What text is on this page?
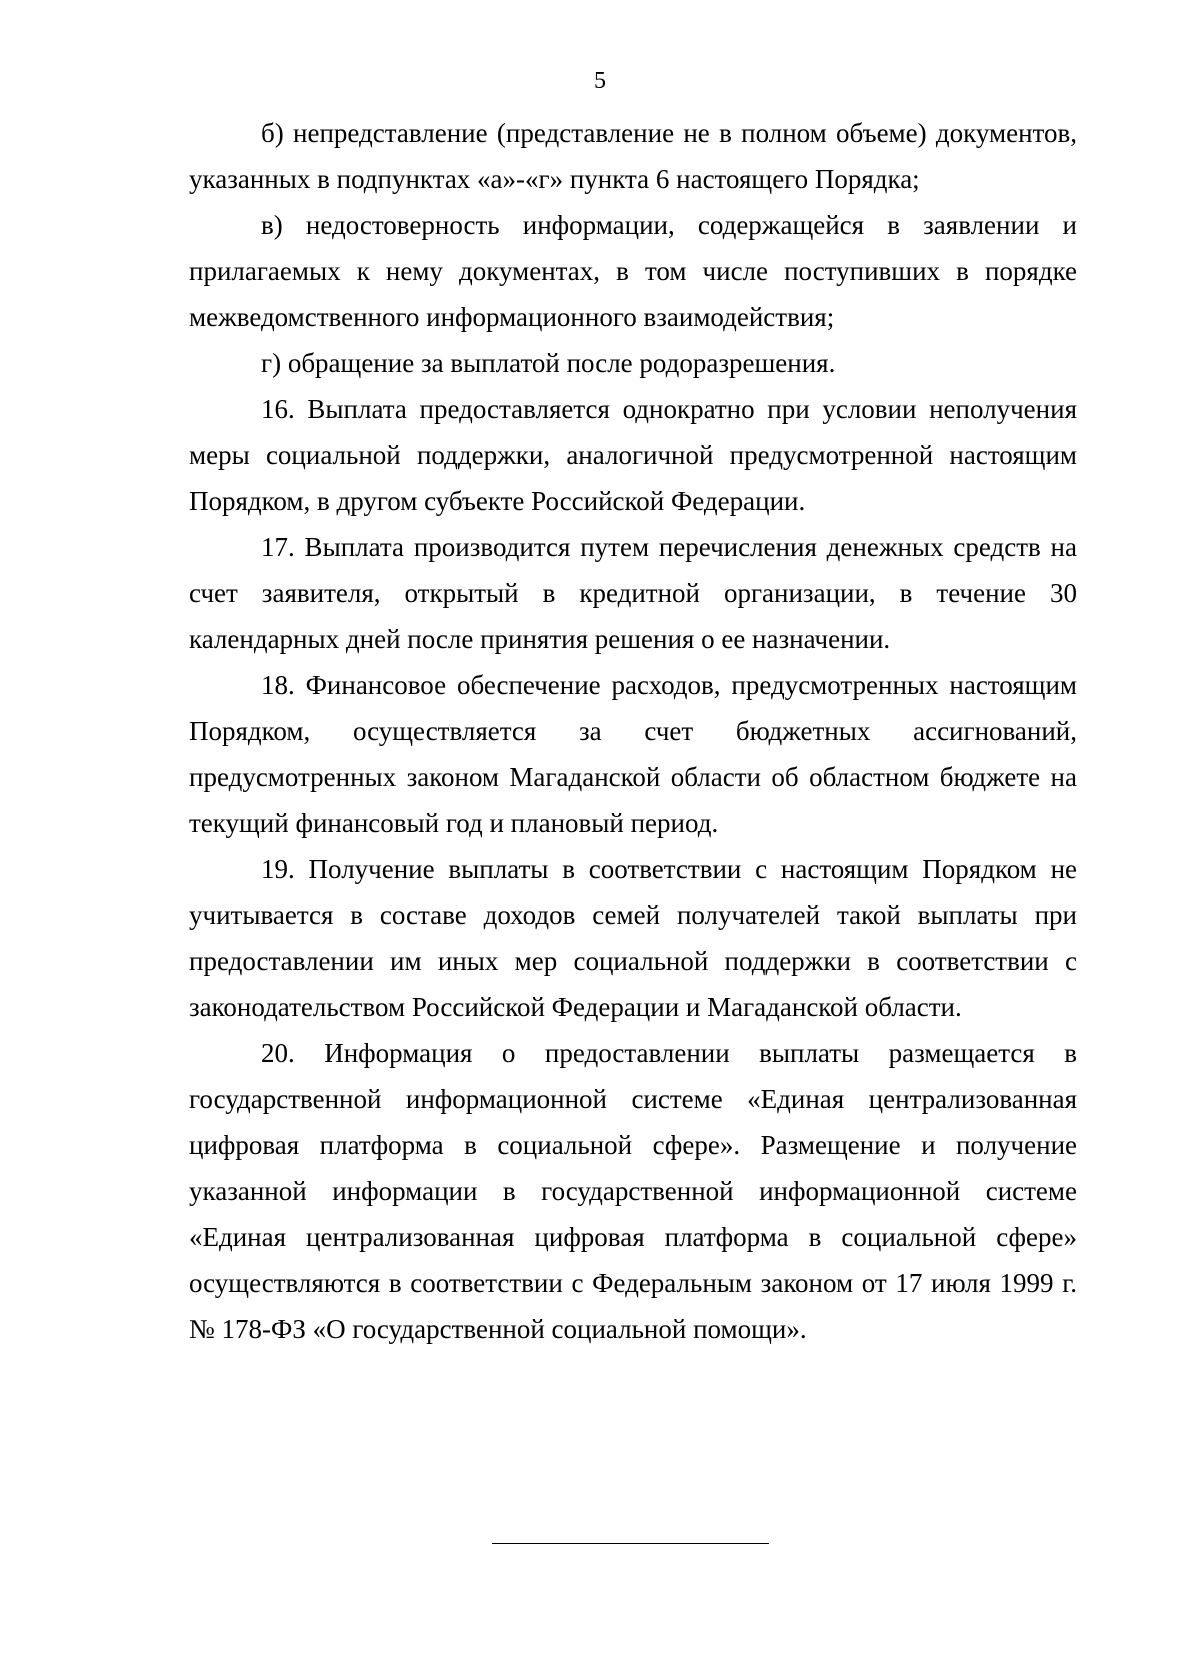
5

б) непредставление (представление не в полном объеме) документов, указанных в подпунктах «а»-«г» пункта 6 настоящего Порядка;

в) недостоверность информации, содержащейся в заявлении и прилагаемых к нему документах, в том числе поступивших в порядке межведомственного информационного взаимодействия;

г) обращение за выплатой после родоразрешения.

16. Выплата предоставляется однократно при условии неполучения меры социальной поддержки, аналогичной предусмотренной настоящим Порядком, в другом субъекте Российской Федерации.

17. Выплата производится путем перечисления денежных средств на счет заявителя, открытый в кредитной организации, в течение 30 календарных дней после принятия решения о ее назначении.

18. Финансовое обеспечение расходов, предусмотренных настоящим Порядком, осуществляется за счет бюджетных ассигнований, предусмотренных законом Магаданской области об областном бюджете на текущий финансовый год и плановый период.

19. Получение выплаты в соответствии с настоящим Порядком не учитывается в составе доходов семей получателей такой выплаты при предоставлении им иных мер социальной поддержки в соответствии с законодательством Российской Федерации и Магаданской области.

20. Информация о предоставлении выплаты размещается в государственной информационной системе «Единая централизованная цифровая платформа в социальной сфере». Размещение и получение указанной информации в государственной информационной системе «Единая централизованная цифровая платформа в социальной сфере» осуществляются в соответствии с Федеральным законом от 17 июля 1999 г. № 178-ФЗ «О государственной социальной помощи».
